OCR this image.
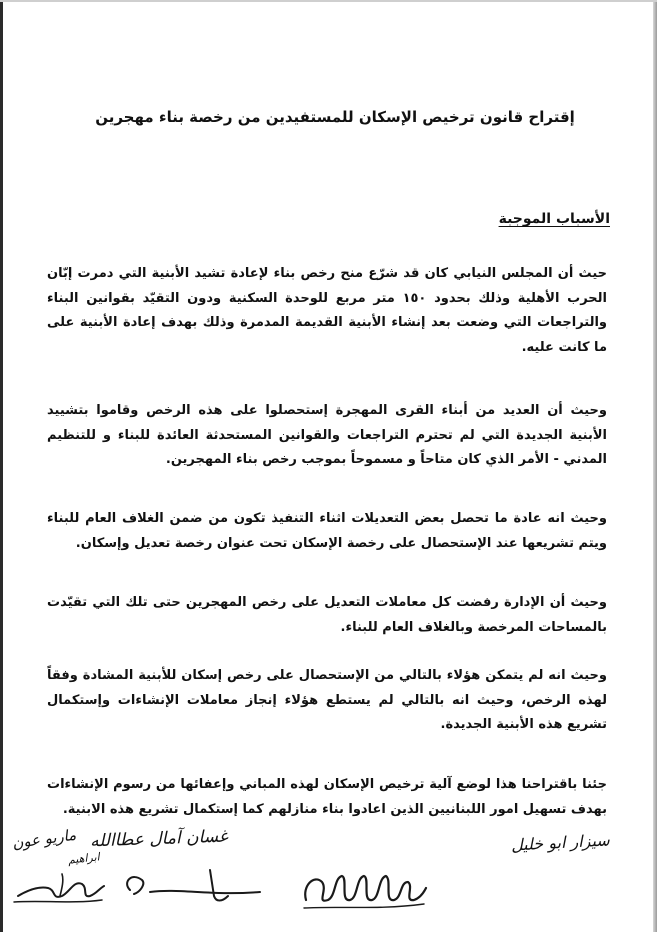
إقتراح قانون ترخيص الإسكان للمستفيدين من رخصة بناء مهجرين
الأسباب الموجبة
حيث أن المجلس النيابي كان قد شرّع منح رخص بناء لإعادة تشيد الأبنية التي دمرت إبّان الحرب الأهلية وذلك بحدود ١٥٠ متر مربع للوحدة السكنية ودون التقيّد بقوانين البناء والتراجعات التي وضعت بعد إنشاء الأبنية القديمة المدمرة وذلك بهدف إعادة الأبنية على ما كانت عليه.
وحيث أن العديد من أبناء القرى المهجرة إستحصلوا على هذه الرخص وقاموا بتشييد الأبنية الجديدة التي لم تحترم التراجعات والقوانين المستحدثة العائدة للبناء و للتنظيم المدني - الأمر الذي كان متاحاً و مسموحاً بموجب رخص بناء المهجرين.
وحيث انه عادة ما تحصل بعض التعديلات اثناء التنفيذ تكون من ضمن الغلاف العام للبناء ويتم تشريعها عند الإستحصال على رخصة الإسكان تحت عنوان رخصة تعديل وإسكان.
وحيث أن الإدارة رفضت كل معاملات التعديل على رخص المهجرين حتى تلك التي تقيّدت بالمساحات المرخصة وبالغلاف العام للبناء.
وحيث انه لم يتمكن هؤلاء بالتالي من الإستحصال على رخص إسكان للأبنية المشادة وفقاً لهذه الرخص، وحيث انه بالتالي لم يستطع هؤلاء إنجاز معاملات الإنشاءات وإستكمال تشريع هذه الأبنية الجديدة.
جئنا باقتراحنا هذا لوضع آلية ترخيص الإسكان لهذه المباني وإعفائها من رسوم الإنشاءات بهدف تسهيل امور اللبنانيين الذين اعادوا بناء منازلهم كما إستكمال تشريع هذه الابنية.
سيزار ابو خليل
غسان آمال عطاالله
ماريو عون
ابراهيم
